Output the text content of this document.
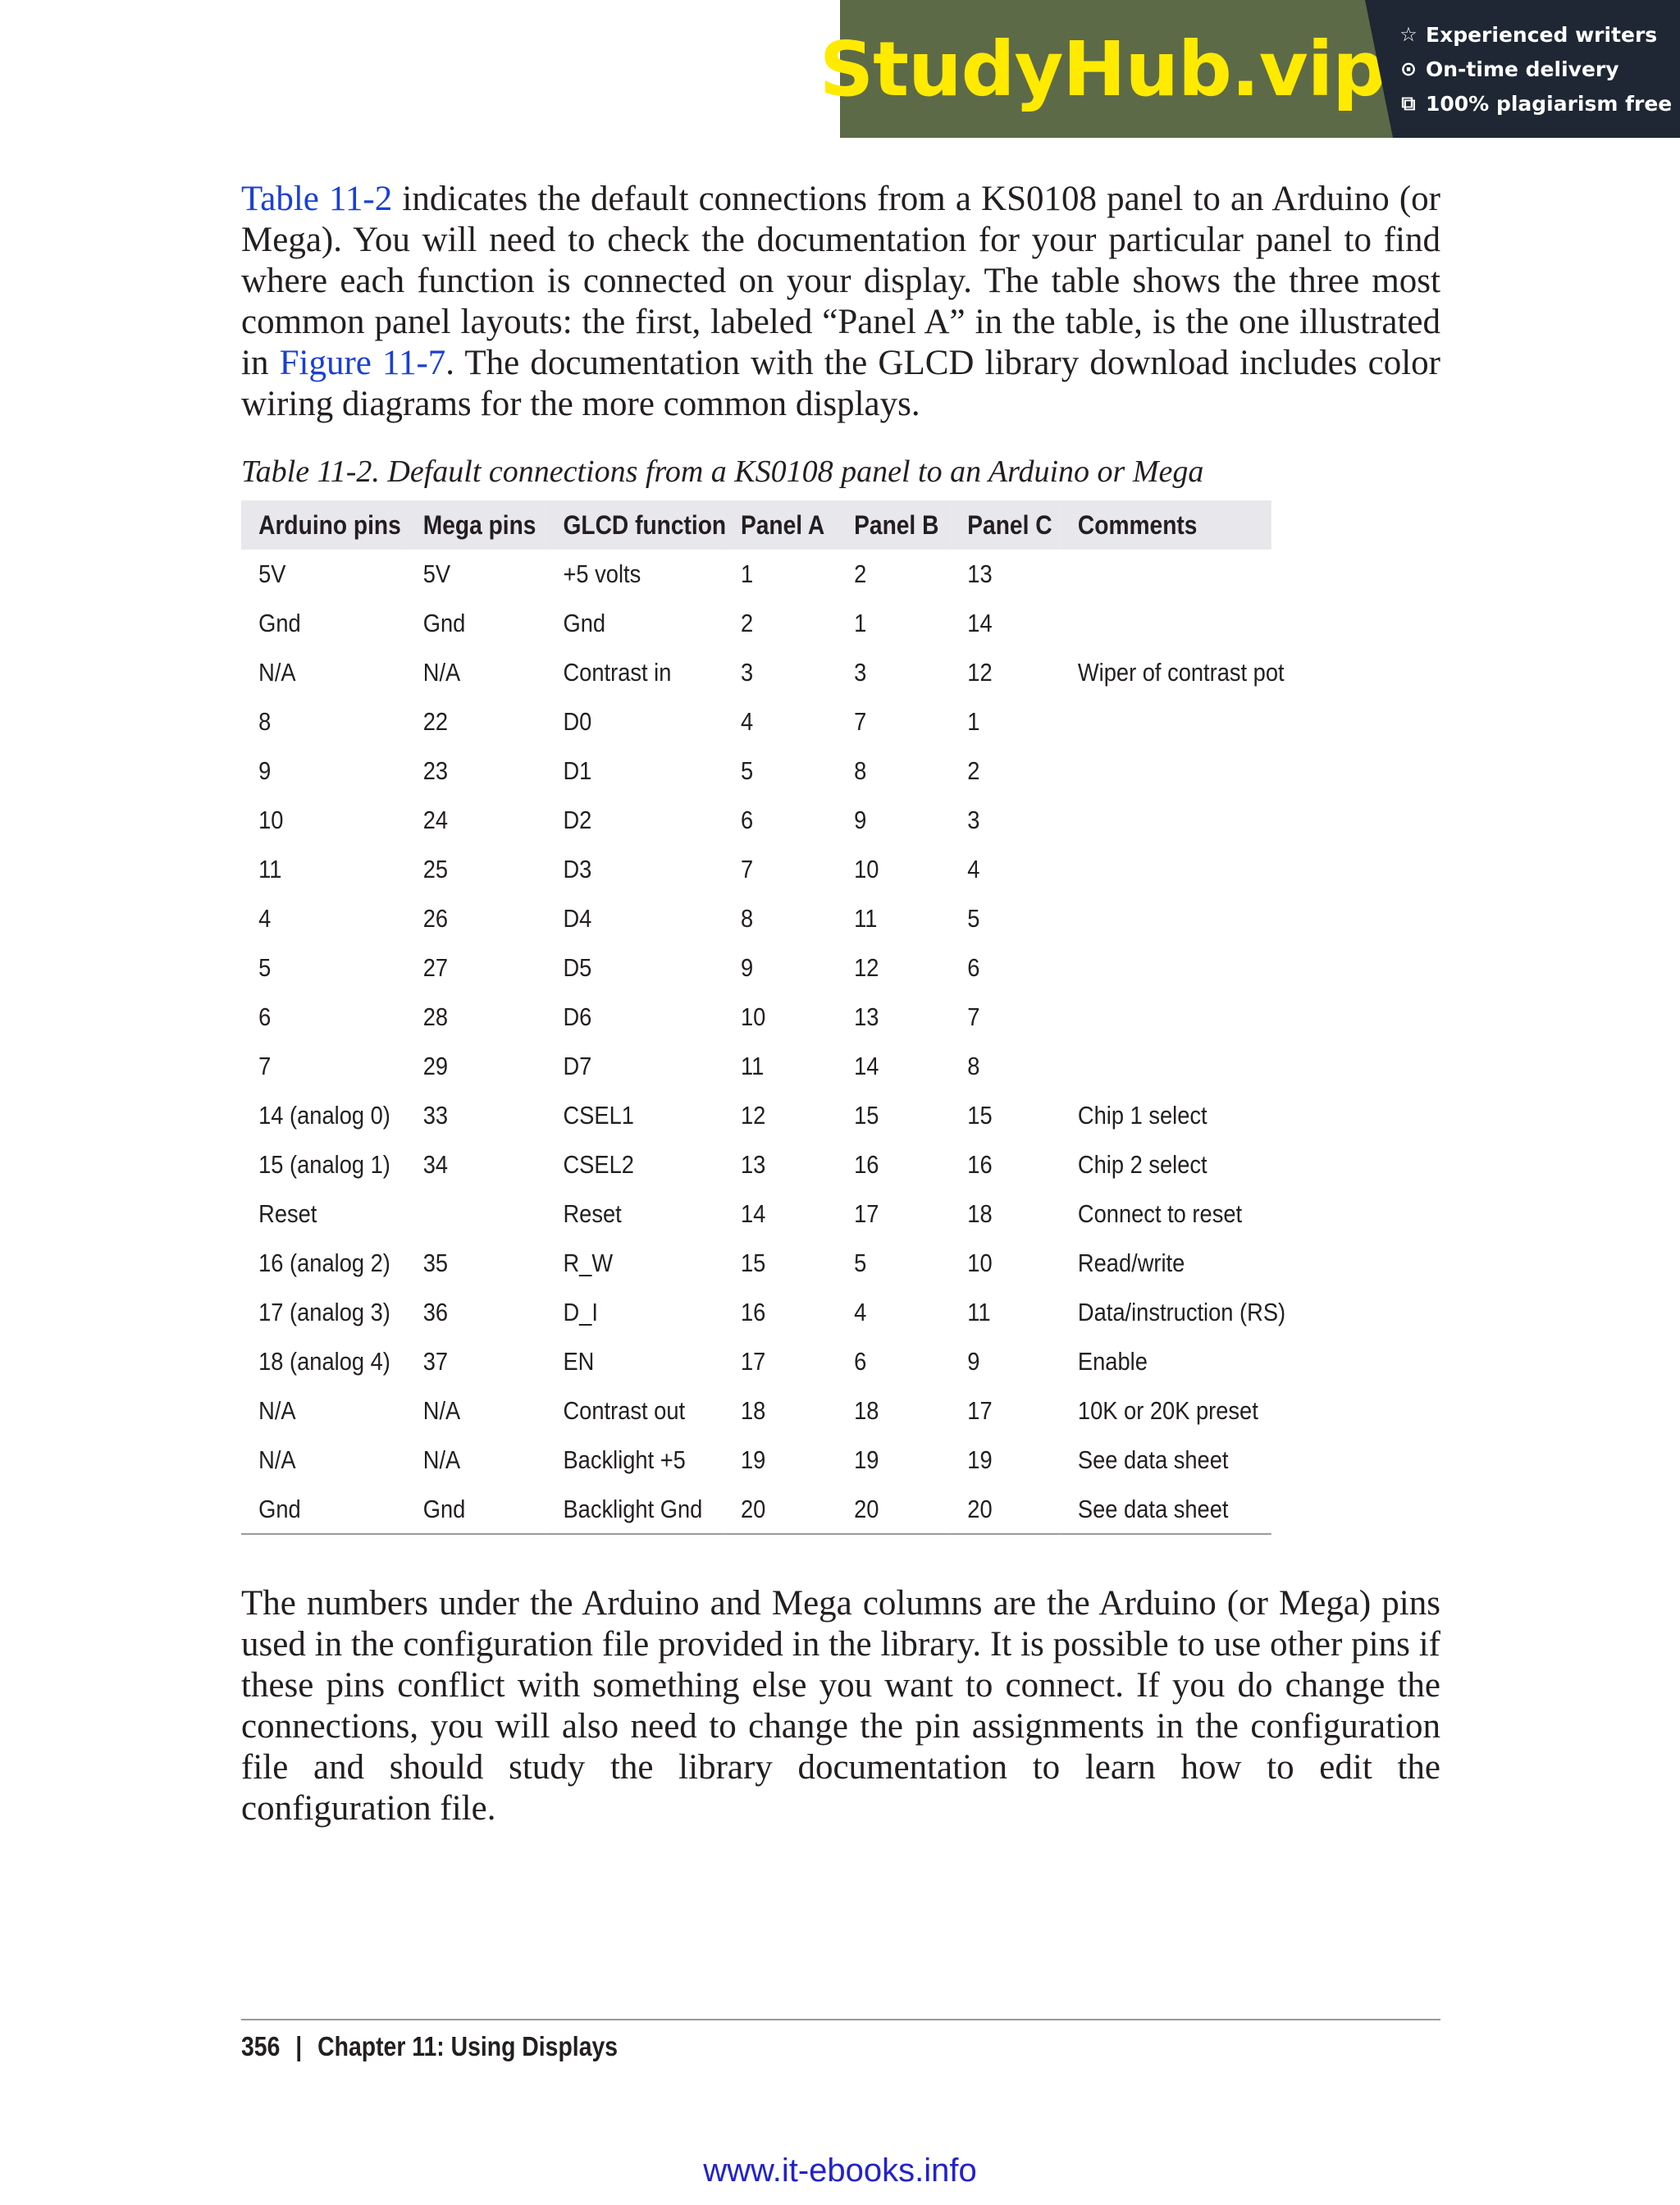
StudyHub.vip ☆ Experienced writers
⊙ On-time delivery
⧉ 100% plagiarism free

Table 11-2 indicates the default connections from a KS0108 panel to an Arduino (or Mega). You will need to check the documentation for your particular panel to find where each function is connected on your display. The table shows the three most common panel layouts: the first, labeled “Panel A” in the table, is the one illustrated in Figure 11-7. The documentation with the GLCD library download includes color wiring diagrams for the more common displays.

Table 11-2. Default connections from a KS0108 panel to an Arduino or Mega

Arduino pins	Mega pins	GLCD function	Panel A	Panel B	Panel C	Comments
5V	5V	+5 volts	1	2	13	
Gnd	Gnd	Gnd	2	1	14	
N/A	N/A	Contrast in	3	3	12	Wiper of contrast pot
8	22	D0	4	7	1	
9	23	D1	5	8	2	
10	24	D2	6	9	3	
11	25	D3	7	10	4	
4	26	D4	8	11	5	
5	27	D5	9	12	6	
6	28	D6	10	13	7	
7	29	D7	11	14	8	
14 (analog 0)	33	CSEL1	12	15	15	Chip 1 select
15 (analog 1)	34	CSEL2	13	16	16	Chip 2 select
Reset		Reset	14	17	18	Connect to reset
16 (analog 2)	35	R_W	15	5	10	Read/write
17 (analog 3)	36	D_I	16	4	11	Data/instruction (RS)
18 (analog 4)	37	EN	17	6	9	Enable
N/A	N/A	Contrast out	18	18	17	10K or 20K preset
N/A	N/A	Backlight +5	19	19	19	See data sheet
Gnd	Gnd	Backlight Gnd	20	20	20	See data sheet

The numbers under the Arduino and Mega columns are the Arduino (or Mega) pins used in the configuration file provided in the library. It is possible to use other pins if these pins conflict with something else you want to connect. If you do change the connections, you will also need to change the pin assignments in the configuration file and should study the library documentation to learn how to edit the configuration file.

356 | Chapter 11: Using Displays
www.it-ebooks.info
